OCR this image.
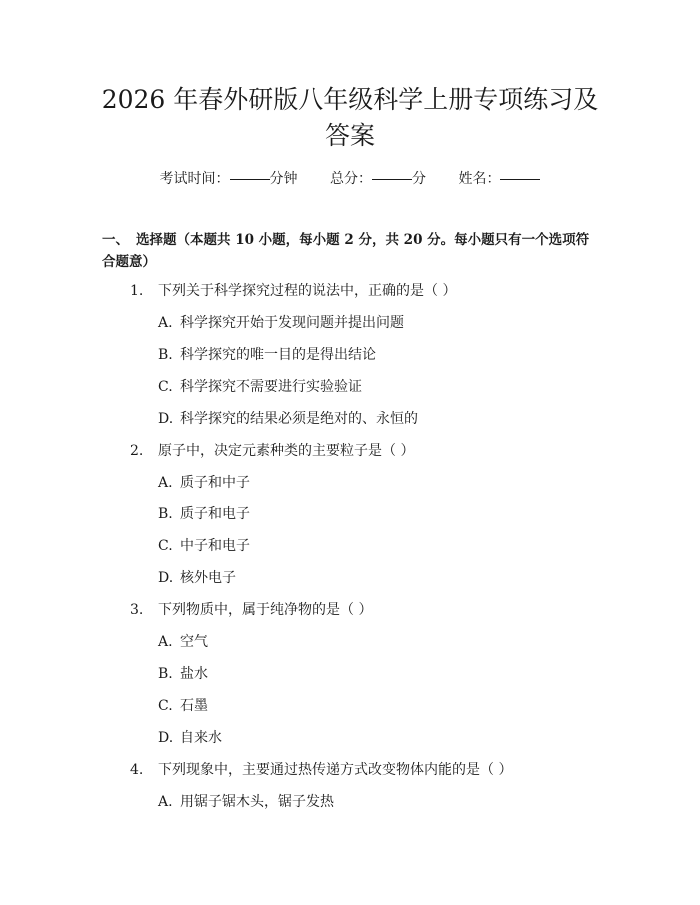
2026 年春外研版八年级科学上册专项练习及
答案
考试时间：	分钟 总分：	分 姓名：
一、 选择题（本题共 10 小题，每小题 2 分，共 20 分。每小题只有一个选项符合题意）
1. 下列关于科学探究过程的说法中，正确的是（ ）
A. 科学探究开始于发现问题并提出问题
B. 科学探究的唯一目的是得出结论
C. 科学探究不需要进行实验验证
D. 科学探究的结果必须是绝对的、永恒的
2. 原子中，决定元素种类的主要粒子是（ ）
A. 质子和中子
B. 质子和电子
C. 中子和电子
D. 核外电子
3. 下列物质中，属于纯净物的是（ ）
A. 空气
B. 盐水
C. 石墨
D. 自来水
4. 下列现象中，主要通过热传递方式改变物体内能的是（ ）
A. 用锯子锯木头，锯子发热
